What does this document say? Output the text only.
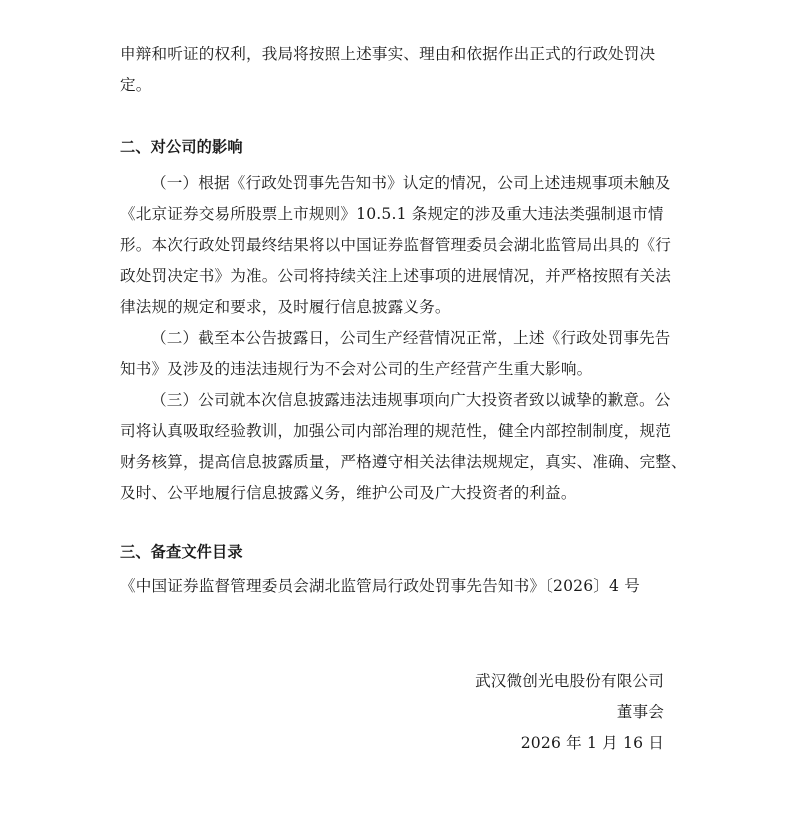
申辩和听证的权利，我局将按照上述事实、理由和依据作出正式的行政处罚决
定。
二、对公司的影响
（一）根据《行政处罚事先告知书》认定的情况，公司上述违规事项未触及
《北京证券交易所股票上市规则》10.5.1 条规定的涉及重大违法类强制退市情
形。本次行政处罚最终结果将以中国证券监督管理委员会湖北监管局出具的《行
政处罚决定书》为准。公司将持续关注上述事项的进展情况，并严格按照有关法
律法规的规定和要求，及时履行信息披露义务。
（二）截至本公告披露日，公司生产经营情况正常，上述《行政处罚事先告
知书》及涉及的违法违规行为不会对公司的生产经营产生重大影响。
（三）公司就本次信息披露违法违规事项向广大投资者致以诚挚的歉意。公
司将认真吸取经验教训，加强公司内部治理的规范性，健全内部控制制度，规范
财务核算，提高信息披露质量，严格遵守相关法律法规规定，真实、准确、完整、
及时、公平地履行信息披露义务，维护公司及广大投资者的利益。
三、备查文件目录
《中国证券监督管理委员会湖北监管局行政处罚事先告知书》〔2026〕4 号
武汉微创光电股份有限公司
董事会
2026 年 1 月 16 日
